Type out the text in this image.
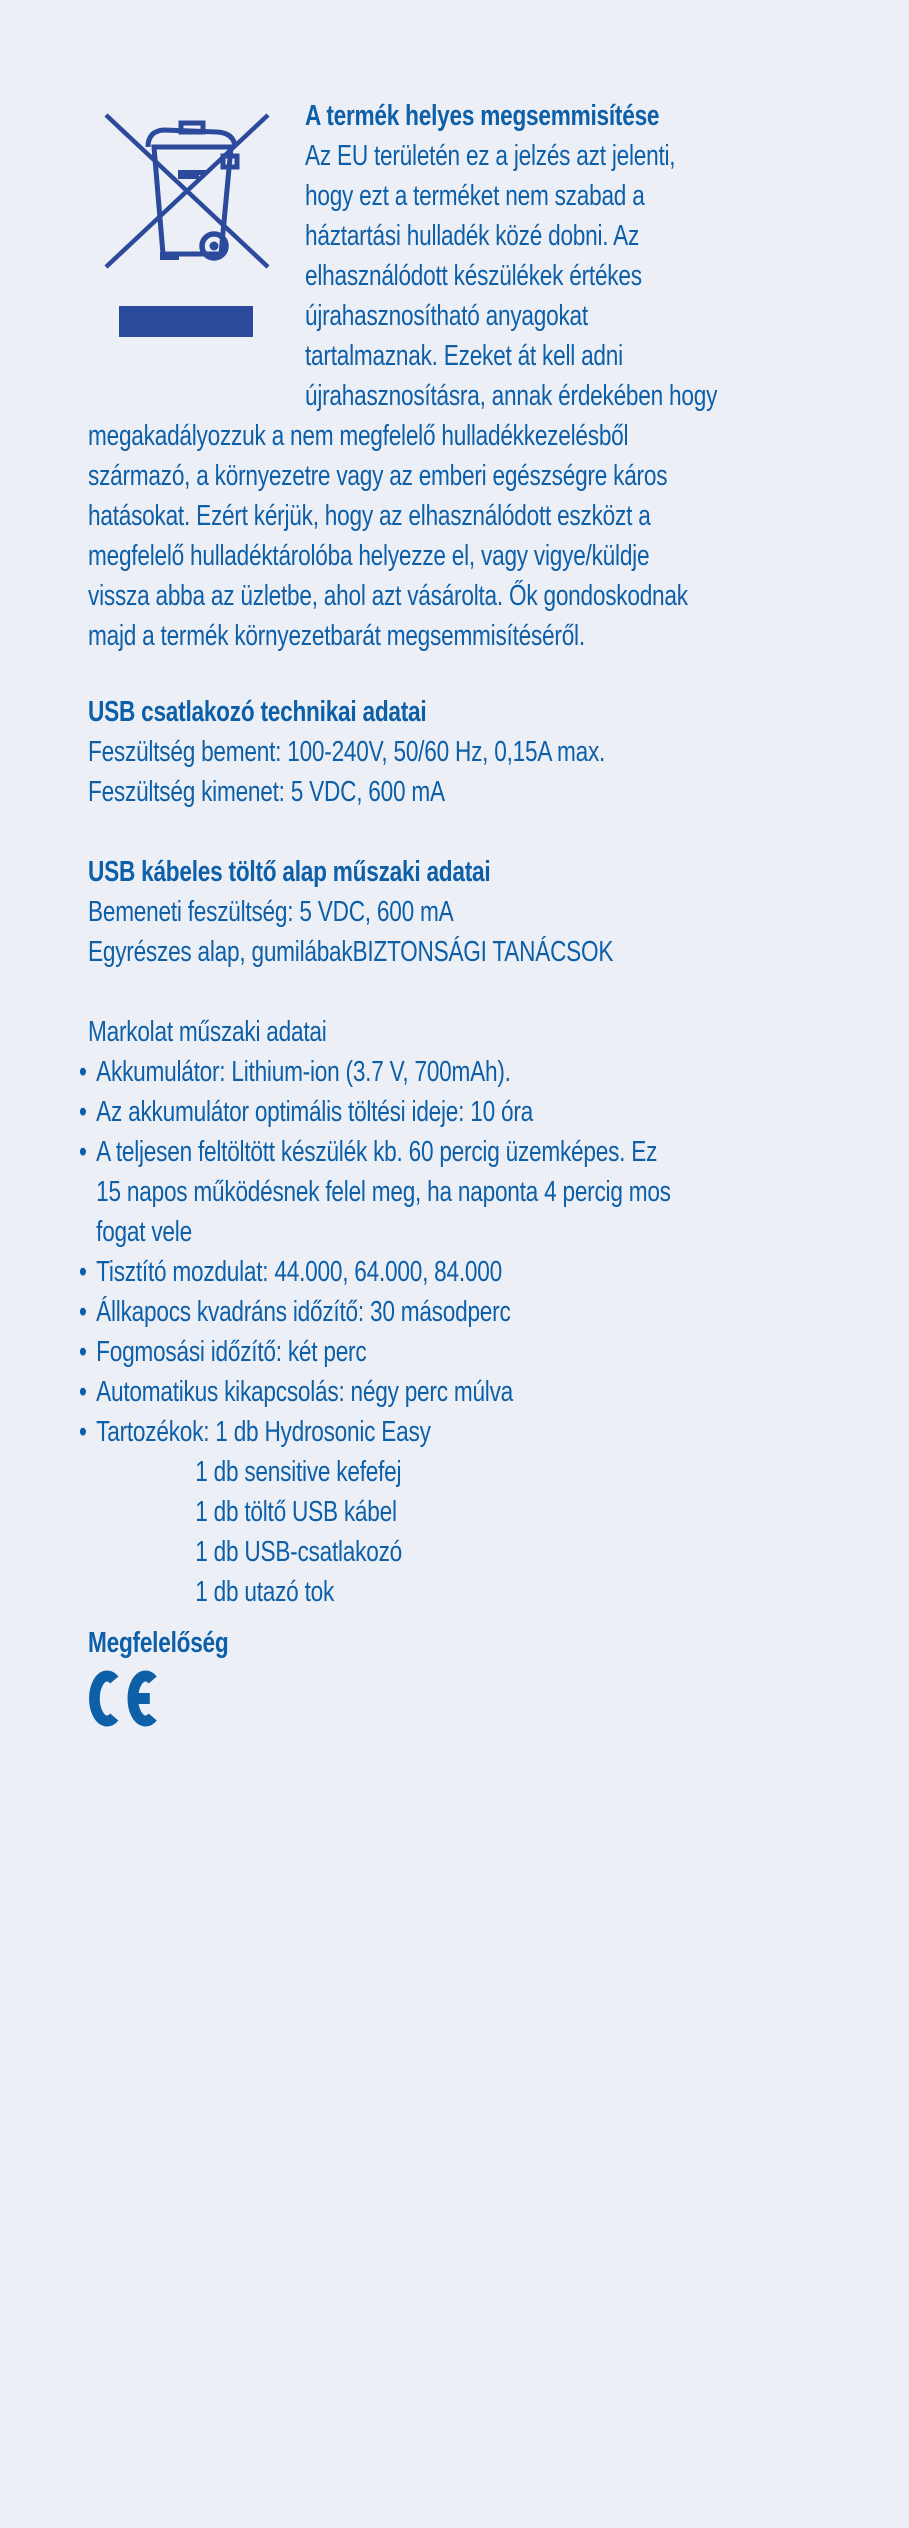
A termék helyes megsemmisítése
Az EU területén ez a jelzés azt jelenti,
hogy ezt a terméket nem szabad a
háztartási hulladék közé dobni. Az
elhasználódott készülékek értékes
újrahasznosítható anyagokat
tartalmaznak. Ezeket át kell adni
újrahasznosításra, annak érdekében hogy
megakadályozzuk a nem megfelelő hulladékkezelésből
származó, a környezetre vagy az emberi egészségre káros
hatásokat. Ezért kérjük, hogy az elhasználódott eszközt a
megfelelő hulladéktárolóba helyezze el, vagy vigye/küldje
vissza abba az üzletbe, ahol azt vásárolta. Ők gondoskodnak
majd a termék környezetbarát megsemmisítéséről.
USB csatlakozó technikai adatai
Feszültség bement: 100-240V, 50/60 Hz, 0,15A max.
Feszültség kimenet: 5 VDC, 600 mA
USB kábeles töltő alap műszaki adatai
Bemeneti feszültség: 5 VDC, 600 mA
Egyrészes alap, gumilábakBIZTONSÁGI TANÁCSOK
Markolat műszaki adatai
• Akkumulátor: Lithium-ion (3.7 V, 700mAh).
• Az akkumulátor optimális töltési ideje: 10 óra
• A teljesen feltöltött készülék kb. 60 percig üzemképes. Ez
15 napos működésnek felel meg, ha naponta 4 percig mos
fogat vele
• Tisztító mozdulat: 44.000, 64.000, 84.000
• Állkapocs kvadráns időzítő: 30 másodperc
• Fogmosási időzítő: két perc
• Automatikus kikapcsolás: négy perc múlva
• Tartozékok: 1 db Hydrosonic Easy
1 db sensitive kefefej
1 db töltő USB kábel
1 db USB-csatlakozó
1 db utazó tok
Megfelelőség
